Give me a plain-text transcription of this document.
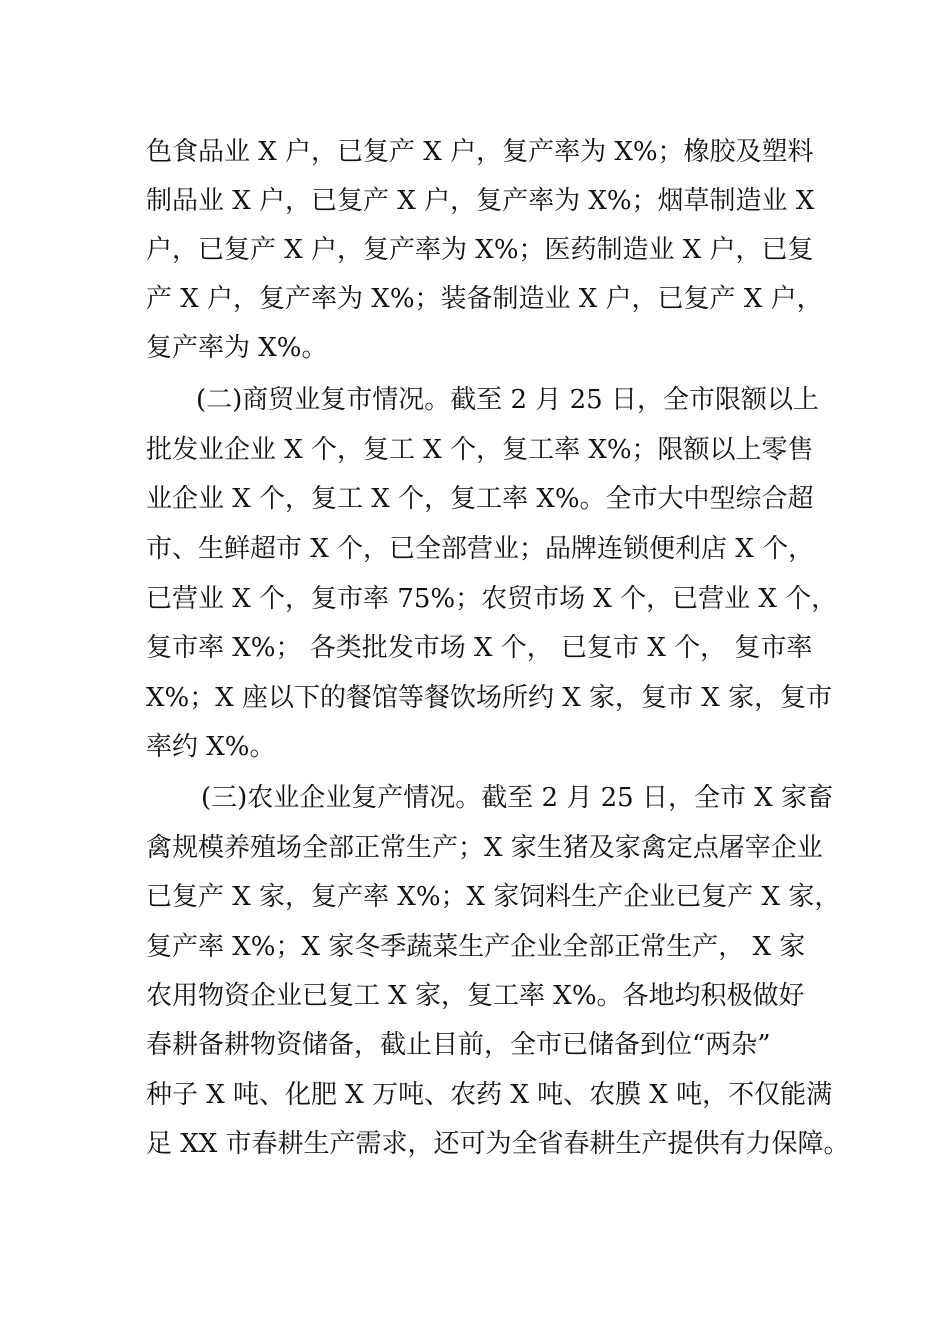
色食品业 X 户，已复产 X 户，复产率为 X%；橡胶及塑料
制品业 X 户，已复产 X 户，复产率为 X%；烟草制造业 X
户，已复产 X 户，复产率为 X%；医药制造业 X 户，已复
产 X 户，复产率为 X%；装备制造业 X 户，已复产 X 户，
复产率为 X%。
(二)商贸业复市情况。截至 2 月 25 日，全市限额以上
批发业企业 X 个，复工 X 个，复工率 X%；限额以上零售
业企业 X 个，复工 X 个，复工率 X%。全市大中型综合超
市、生鲜超市 X 个，已全部营业；品牌连锁便利店 X 个，
已营业 X 个，复市率 75%；农贸市场 X 个，已营业 X 个，
复市率 X%； 各类批发市场 X 个， 已复市 X 个， 复市率
X%；X 座以下的餐馆等餐饮场所约 X 家，复市 X 家，复市
率约 X%。
(三)农业企业复产情况。截至 2 月 25 日，全市 X 家畜
禽规模养殖场全部正常生产；X 家生猪及家禽定点屠宰企业
已复产 X 家，复产率 X%；X 家饲料生产企业已复产 X 家，
复产率 X%；X 家冬季蔬菜生产企业全部正常生产， X 家
农用物资企业已复工 X 家，复工率 X%。各地均积极做好
春耕备耕物资储备，截止目前，全市已储备到位“两杂”
种子 X 吨、化肥 X 万吨、农药 X 吨、农膜 X 吨，不仅能满
足 XX 市春耕生产需求，还可为全省春耕生产提供有力保障。
